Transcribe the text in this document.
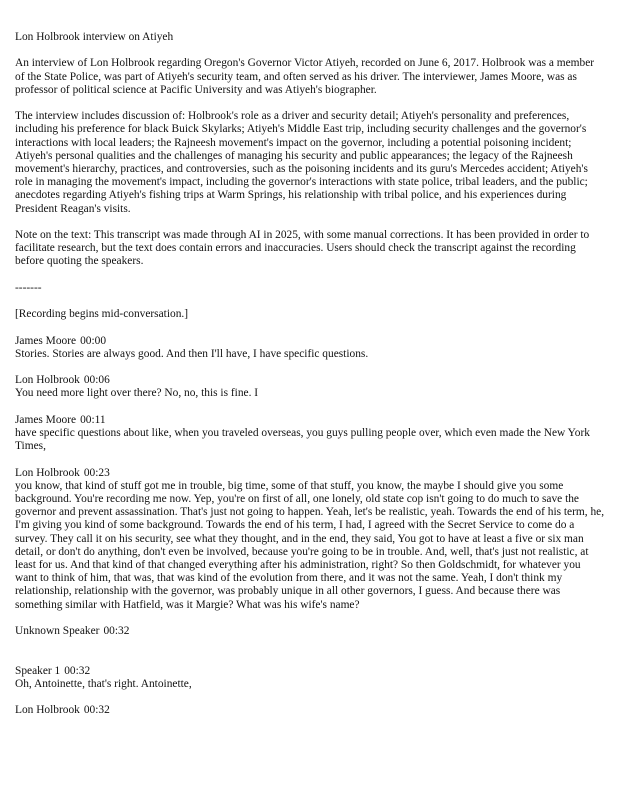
Lon Holbrook interview on Atiyeh

An interview of Lon Holbrook regarding Oregon's Governor Victor Atiyeh, recorded on June 6, 2017. Holbrook was a member of the State Police, was part of Atiyeh's security team, and often served as his driver. The interviewer, James Moore, was as professor of political science at Pacific University and was Atiyeh's biographer.

The interview includes discussion of: Holbrook's role as a driver and security detail; Atiyeh's personality and preferences, including his preference for black Buick Skylarks; Atiyeh's Middle East trip, including security challenges and the governor's interactions with local leaders; the Rajneesh movement's impact on the governor, including a potential poisoning incident; Atiyeh's personal qualities and the challenges of managing his security and public appearances; the legacy of the Rajneesh movement's hierarchy, practices, and controversies, such as the poisoning incidents and its guru's Mercedes accident; Atiyeh's role in managing the movement's impact, including the governor's interactions with state police, tribal leaders, and the public; anecdotes regarding Atiyeh's fishing trips at Warm Springs, his relationship with tribal police, and his experiences during President Reagan's visits.

Note on the text: This transcript was made through AI in 2025, with some manual corrections. It has been provided in order to facilitate research, but the text does contain errors and inaccuracies. Users should check the transcript against the recording before quoting the speakers.

-------

[Recording begins mid-conversation.]

James Moore 00:00
Stories. Stories are always good. And then I'll have, I have specific questions.
Lon Holbrook 00:06
You need more light over there? No, no, this is fine. I
James Moore 00:11
have specific questions about like, when you traveled overseas, you guys pulling people over, which even made the New York Times,
Lon Holbrook 00:23
you know, that kind of stuff got me in trouble, big time, some of that stuff, you know, the maybe I should give you some background. You're recording me now. Yep, you're on first of all, one lonely, old state cop isn't going to do much to save the governor and prevent assassination. That's just not going to happen. Yeah, let's be realistic, yeah. Towards the end of his term, he, I'm giving you kind of some background. Towards the end of his term, I had, I agreed with the Secret Service to come do a survey. They call it on his security, see what they thought, and in the end, they said, You got to have at least a five or six man detail, or don't do anything, don't even be involved, because you're going to be in trouble. And, well, that's just not realistic, at least for us. And that kind of that changed everything after his administration, right? So then Goldschmidt, for whatever you want to think of him, that was, that was kind of the evolution from there, and it was not the same. Yeah, I don't think my relationship, relationship with the governor, was probably unique in all other governors, I guess. And because there was something similar with Hatfield, was it Margie? What was his wife's name?
Unknown Speaker 00:32
Speaker 1 00:32
Oh, Antoinette, that's right. Antoinette,
Lon Holbrook 00:32
